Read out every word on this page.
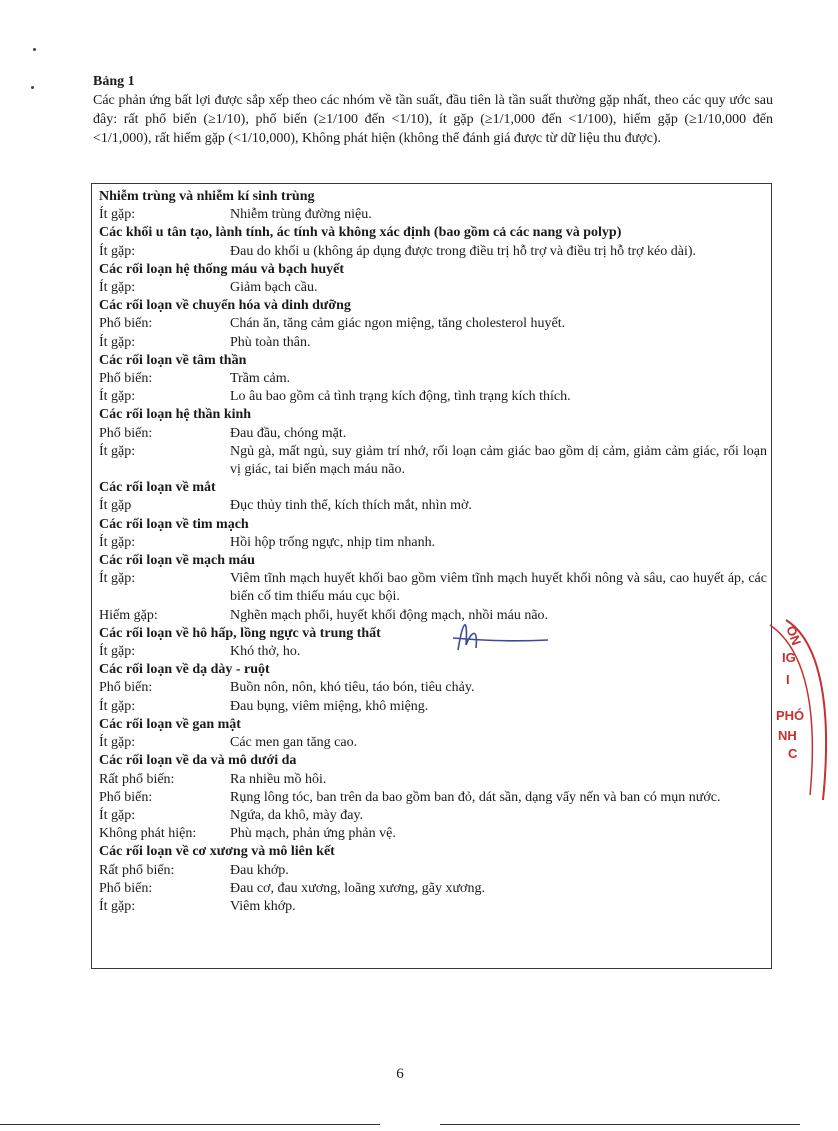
Bảng 1

Các phản ứng bất lợi được sắp xếp theo các nhóm về tần suất, đầu tiên là tần suất thường gặp nhất, theo các quy ước sau đây: rất phổ biến (≥1/10), phổ biến (≥1/100 đến <1/10), ít gặp (≥1/1,000 đến <1/100), hiếm gặp (≥1/10,000 đến <1/1,000), rất hiếm gặp (<1/10,000), Không phát hiện (không thể đánh giá được từ dữ liệu thu được).

Nhiễm trùng và nhiễm kí sinh trùng
Ít gặp:	Nhiễm trùng đường niệu.
Các khối u tân tạo, lành tính, ác tính và không xác định (bao gồm cả các nang và polyp)
Ít gặp:	Đau do khối u (không áp dụng được trong điều trị hỗ trợ và điều trị hỗ trợ kéo dài).
Các rối loạn hệ thống máu và bạch huyết
Ít gặp:	Giảm bạch cầu.
Các rối loạn về chuyển hóa và dinh dưỡng
Phổ biến:	Chán ăn, tăng cảm giác ngon miệng, tăng cholesterol huyết.
Ít gặp:	Phù toàn thân.
Các rối loạn về tâm thần
Phổ biến:	Trầm cảm.
Ít gặp:	Lo âu bao gồm cả tình trạng kích động, tình trạng kích thích.
Các rối loạn hệ thần kinh
Phổ biến:	Đau đầu, chóng mặt.
Ít gặp:	Ngủ gà, mất ngủ, suy giảm trí nhớ, rối loạn cảm giác bao gồm dị cảm, giảm cảm giác, rối loạn vị giác, tai biến mạch máu não.
Các rối loạn về mắt
Ít gặp	Đục thủy tinh thể, kích thích mắt, nhìn mờ.
Các rối loạn về tim mạch
Ít gặp:	Hồi hộp trống ngực, nhịp tim nhanh.
Các rối loạn về mạch máu
Ít gặp:	Viêm tĩnh mạch huyết khối bao gồm viêm tĩnh mạch huyết khối nông và sâu, cao huyết áp, các biến cố tim thiếu máu cục bội.
Hiếm gặp:	Nghẽn mạch phổi, huyết khối động mạch, nhồi máu não.
Các rối loạn về hô hấp, lồng ngực và trung thất
Ít gặp:	Khó thở, ho.
Các rối loạn về dạ dày - ruột
Phổ biến:	Buồn nôn, nôn, khó tiêu, táo bón, tiêu chảy.
Ít gặp:	Đau bụng, viêm miệng, khô miệng.
Các rối loạn về gan mật
Ít gặp:	Các men gan tăng cao.
Các rối loạn về da và mô dưới da
Rất phổ biến:	Ra nhiều mồ hôi.
Phổ biến:	Rụng lông tóc, ban trên da bao gồm ban đỏ, dát sần, dạng vẩy nến và ban có mụn nước.
Ít gặp:	Ngứa, da khô, mày đay.
Không phát hiện:	Phù mạch, phản ứng phản vệ.
Các rối loạn về cơ xương và mô liên kết
Rất phổ biến:	Đau khớp.
Phổ biến:	Đau cơ, đau xương, loãng xương, gãy xương.
Ít gặp:	Viêm khớp.
ON
IG
I
PHÓ
NH
C
6
